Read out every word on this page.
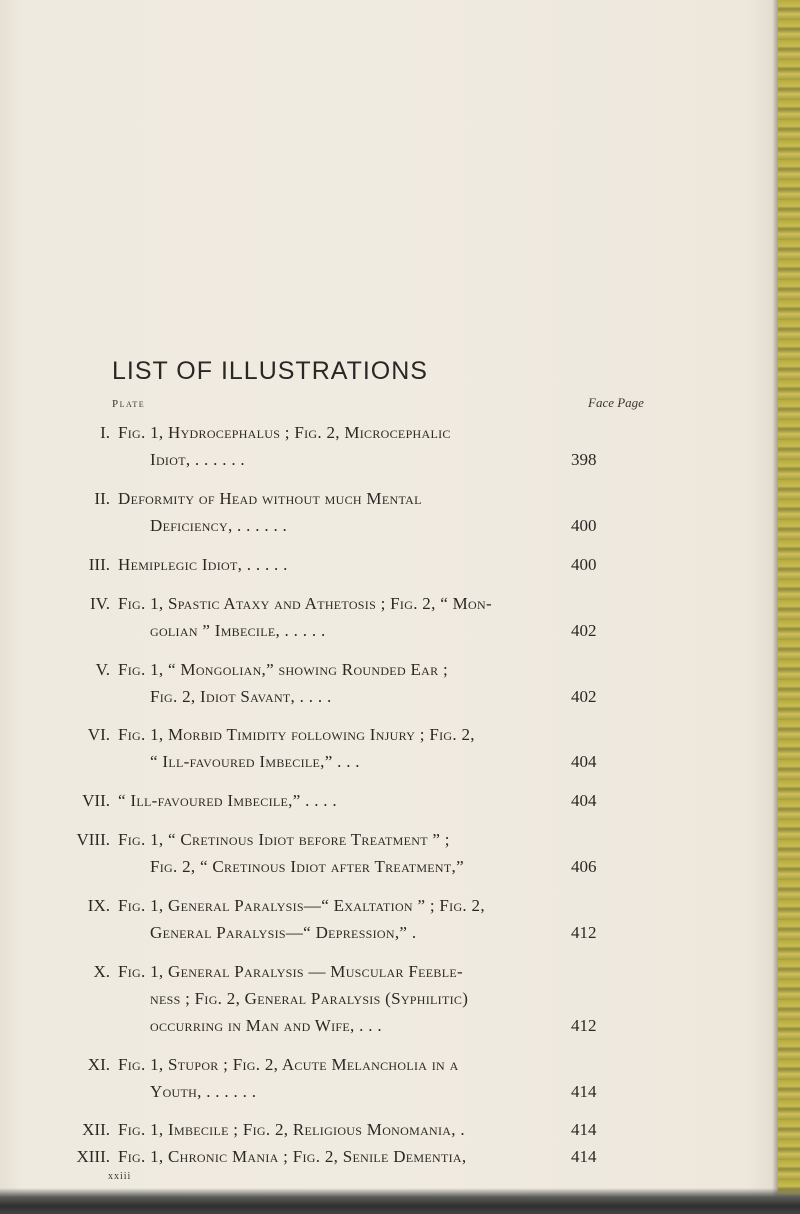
LIST OF ILLUSTRATIONS
Plate	Face Page
I. Fig. 1, Hydrocephalus ; Fig. 2, Microcephalic
Idiot, . . . . . .	398
II. Deformity of Head without much Mental
Deficiency, . . . . . .	400
III. Hemiplegic Idiot, . . . . .	400
IV. Fig. 1, Spastic Ataxy and Athetosis ; Fig. 2, “ Mon-
golian ” Imbecile, . . . . .	402
V. Fig. 1, “ Mongolian,” showing Rounded Ear ;
Fig. 2, Idiot Savant, . . . .	402
VI. Fig. 1, Morbid Timidity following Injury ; Fig. 2,
“ Ill-favoured Imbecile,” . . .	404
VII. “ Ill-favoured Imbecile,” . . . .	404
VIII. Fig. 1, “ Cretinous Idiot before Treatment ” ;
Fig. 2, “ Cretinous Idiot after Treatment,”	406
IX. Fig. 1, General Paralysis—“ Exaltation ” ; Fig. 2,
General Paralysis—“ Depression,” .	412
X. Fig. 1, General Paralysis — Muscular Feeble-
ness ; Fig. 2, General Paralysis (Syphilitic)
occurring in Man and Wife, . . .	412
XI. Fig. 1, Stupor ; Fig. 2, Acute Melancholia in a
Youth, . . . . . .	414
XII. Fig. 1, Imbecile ; Fig. 2, Religious Monomania, .	414
XIII. Fig. 1, Chronic Mania ; Fig. 2, Senile Dementia,	414
xxiii
